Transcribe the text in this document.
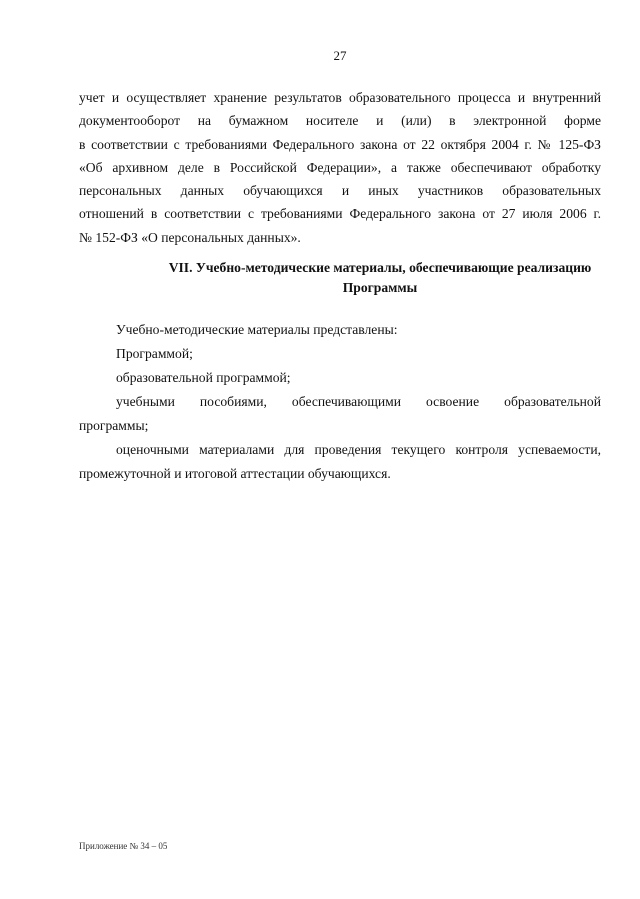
27
учет и осуществляет хранение результатов образовательного процесса и внутренний
документооборот на бумажном носителе и (или) в электронной форме
в соответствии с требованиями Федерального закона от 22 октября 2004 г. № 125-ФЗ
«Об архивном деле в Российской Федерации», а также обеспечивают обработку
персональных данных обучающихся и иных участников образовательных
отношений в соответствии с требованиями Федерального закона от 27 июля 2006 г.
№ 152-ФЗ «О персональных данных».
VII. Учебно-методические материалы, обеспечивающие реализацию
Программы
Учебно-методические материалы представлены:
Программой;
образовательной программой;
учебными пособиями, обеспечивающими освоение образовательной
программы;
оценочными материалами для проведения текущего контроля успеваемости,
промежуточной и итоговой аттестации обучающихся.
Приложение № 34 – 05
